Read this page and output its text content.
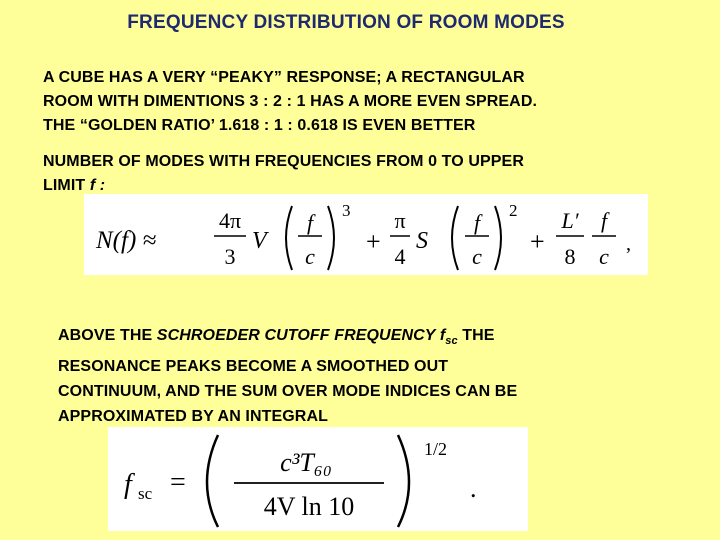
FREQUENCY DISTRIBUTION OF ROOM MODES
A CUBE HAS A VERY “PEAKY” RESPONSE; A RECTANGULAR
ROOM WITH DIMENTIONS 3 : 2 : 1 HAS A MORE EVEN SPREAD.
THE “GOLDEN RATIO’ 1.618 : 1 : 0.618 IS EVEN BETTER
NUMBER OF MODES WITH FREQUENCIES FROM 0 TO UPPER
LIMIT f :
N(f) ≈
4π
3
V
f
c
3
+
π
4
S
f
c
2
+
L′
8
f
c ,
ABOVE THE SCHROEDER CUTOFF FREQUENCY $f_{sc}$ THE
RESONANCE PEAKS BECOME A SMOOTHED OUT
CONTINUUM, AND THE SUM OVER MODE INDICES CAN BE
APPROXIMATED BY AN INTEGRAL
f sc =
c³T₆₀
4V ln 10
1/2
.
